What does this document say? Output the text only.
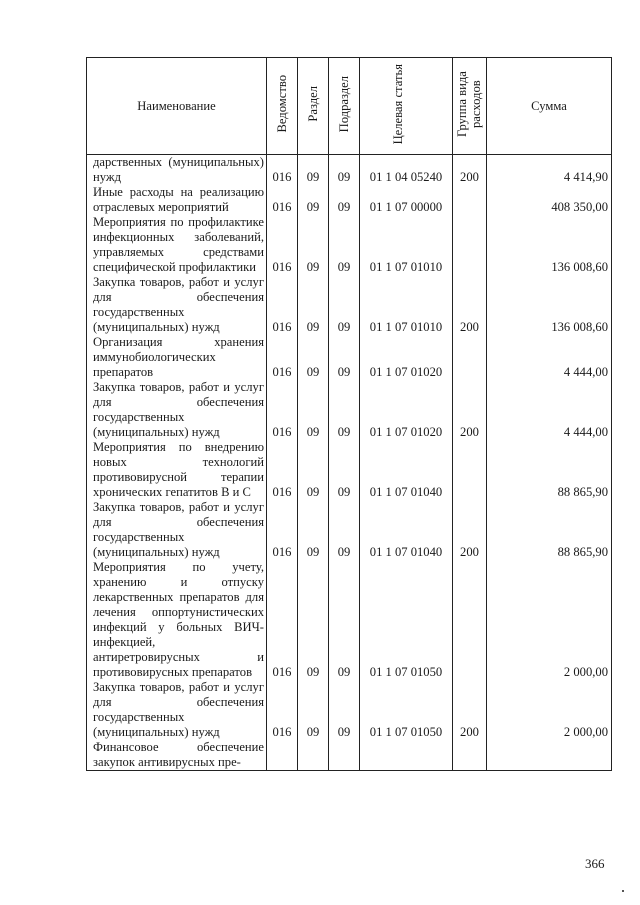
Наименование	Ведомство	Раздел	Подраздел	Целевая статья	Группа вида расходов	Сумма
дарственных (муниципальных) нужд	016	09	09	01 1 04 05240	200	4 414,90
Иные расходы на реализацию отраслевых мероприятий	016	09	09	01 1 07 00000		408 350,00
Мероприятия по профилактике инфекционных заболеваний, управляемых средствами специфической профилактики	016	09	09	01 1 07 01010		136 008,60
Закупка товаров, работ и услуг для обеспечения государственных (муниципальных) нужд	016	09	09	01 1 07 01010	200	136 008,60
Организация хранения иммунобиологических препаратов	016	09	09	01 1 07 01020		4 444,00
Закупка товаров, работ и услуг для обеспечения государственных (муниципальных) нужд	016	09	09	01 1 07 01020	200	4 444,00
Мероприятия по внедрению новых технологий противовирусной терапии хронических гепатитов В и С	016	09	09	01 1 07 01040		88 865,90
Закупка товаров, работ и услуг для обеспечения государственных (муниципальных) нужд	016	09	09	01 1 07 01040	200	88 865,90
Мероприятия по учету, хранению и отпуску лекарственных препаратов для лечения оппортунистических инфекций у больных ВИЧ-инфекцией, антиретровирусных и противовирусных препаратов	016	09	09	01 1 07 01050		2 000,00
Закупка товаров, работ и услуг для обеспечения государственных (муниципальных) нужд	016	09	09	01 1 07 01050	200	2 000,00
Финансовое обеспечение закупок антивирусных пре-						
366
